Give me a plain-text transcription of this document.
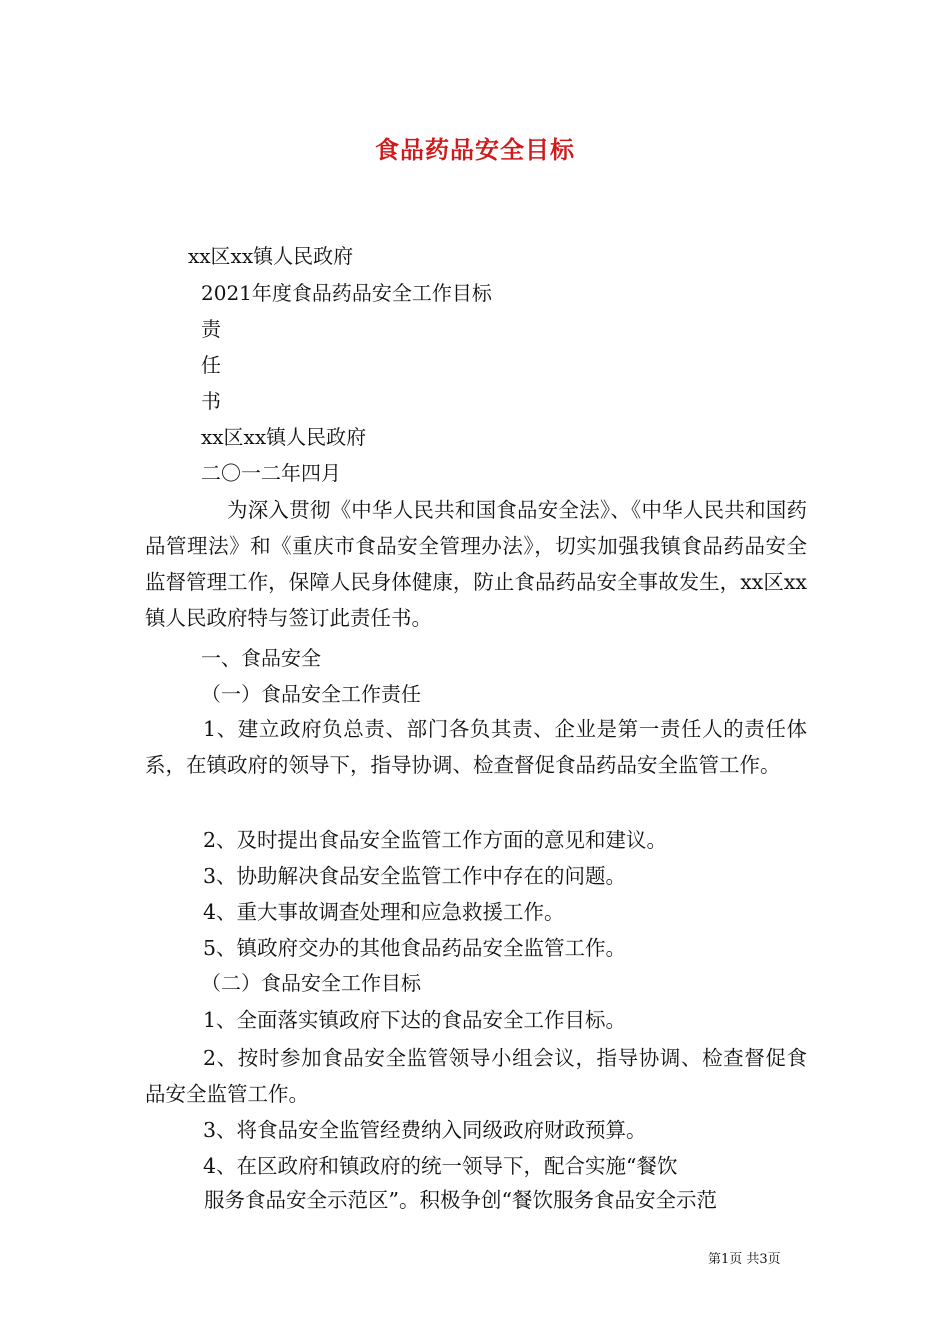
食品药品安全目标
xx区xx镇人民政府
2021年度食品药品安全工作目标
责
任
书
xx区xx镇人民政府
二〇一二年四月
为深入贯彻《中华人民共和国食品安全法》、《中华人民共和国药品管理法》和《重庆市食品安全管理办法》，切实加强我镇食品药品安全监督管理工作，保障人民身体健康，防止食品药品安全事故发生，xx区xx镇人民政府特与签订此责任书。
一、食品安全
（一）食品安全工作责任
1、建立政府负总责、部门各负其责、企业是第一责任人的责任体系，在镇政府的领导下，指导协调、检查督促食品药品安全监管工作。
2、及时提出食品安全监管工作方面的意见和建议。
3、协助解决食品安全监管工作中存在的问题。
4、重大事故调查处理和应急救援工作。
5、镇政府交办的其他食品药品安全监管工作。
（二）食品安全工作目标
1、全面落实镇政府下达的食品安全工作目标。
2、按时参加食品安全监管领导小组会议，指导协调、检查督促食品安全监管工作。
3、将食品安全监管经费纳入同级政府财政预算。
4、在区政府和镇政府的统一领导下，配合实施“餐饮
服务食品安全示范区”。积极争创“餐饮服务食品安全示范
第1页 共3页
